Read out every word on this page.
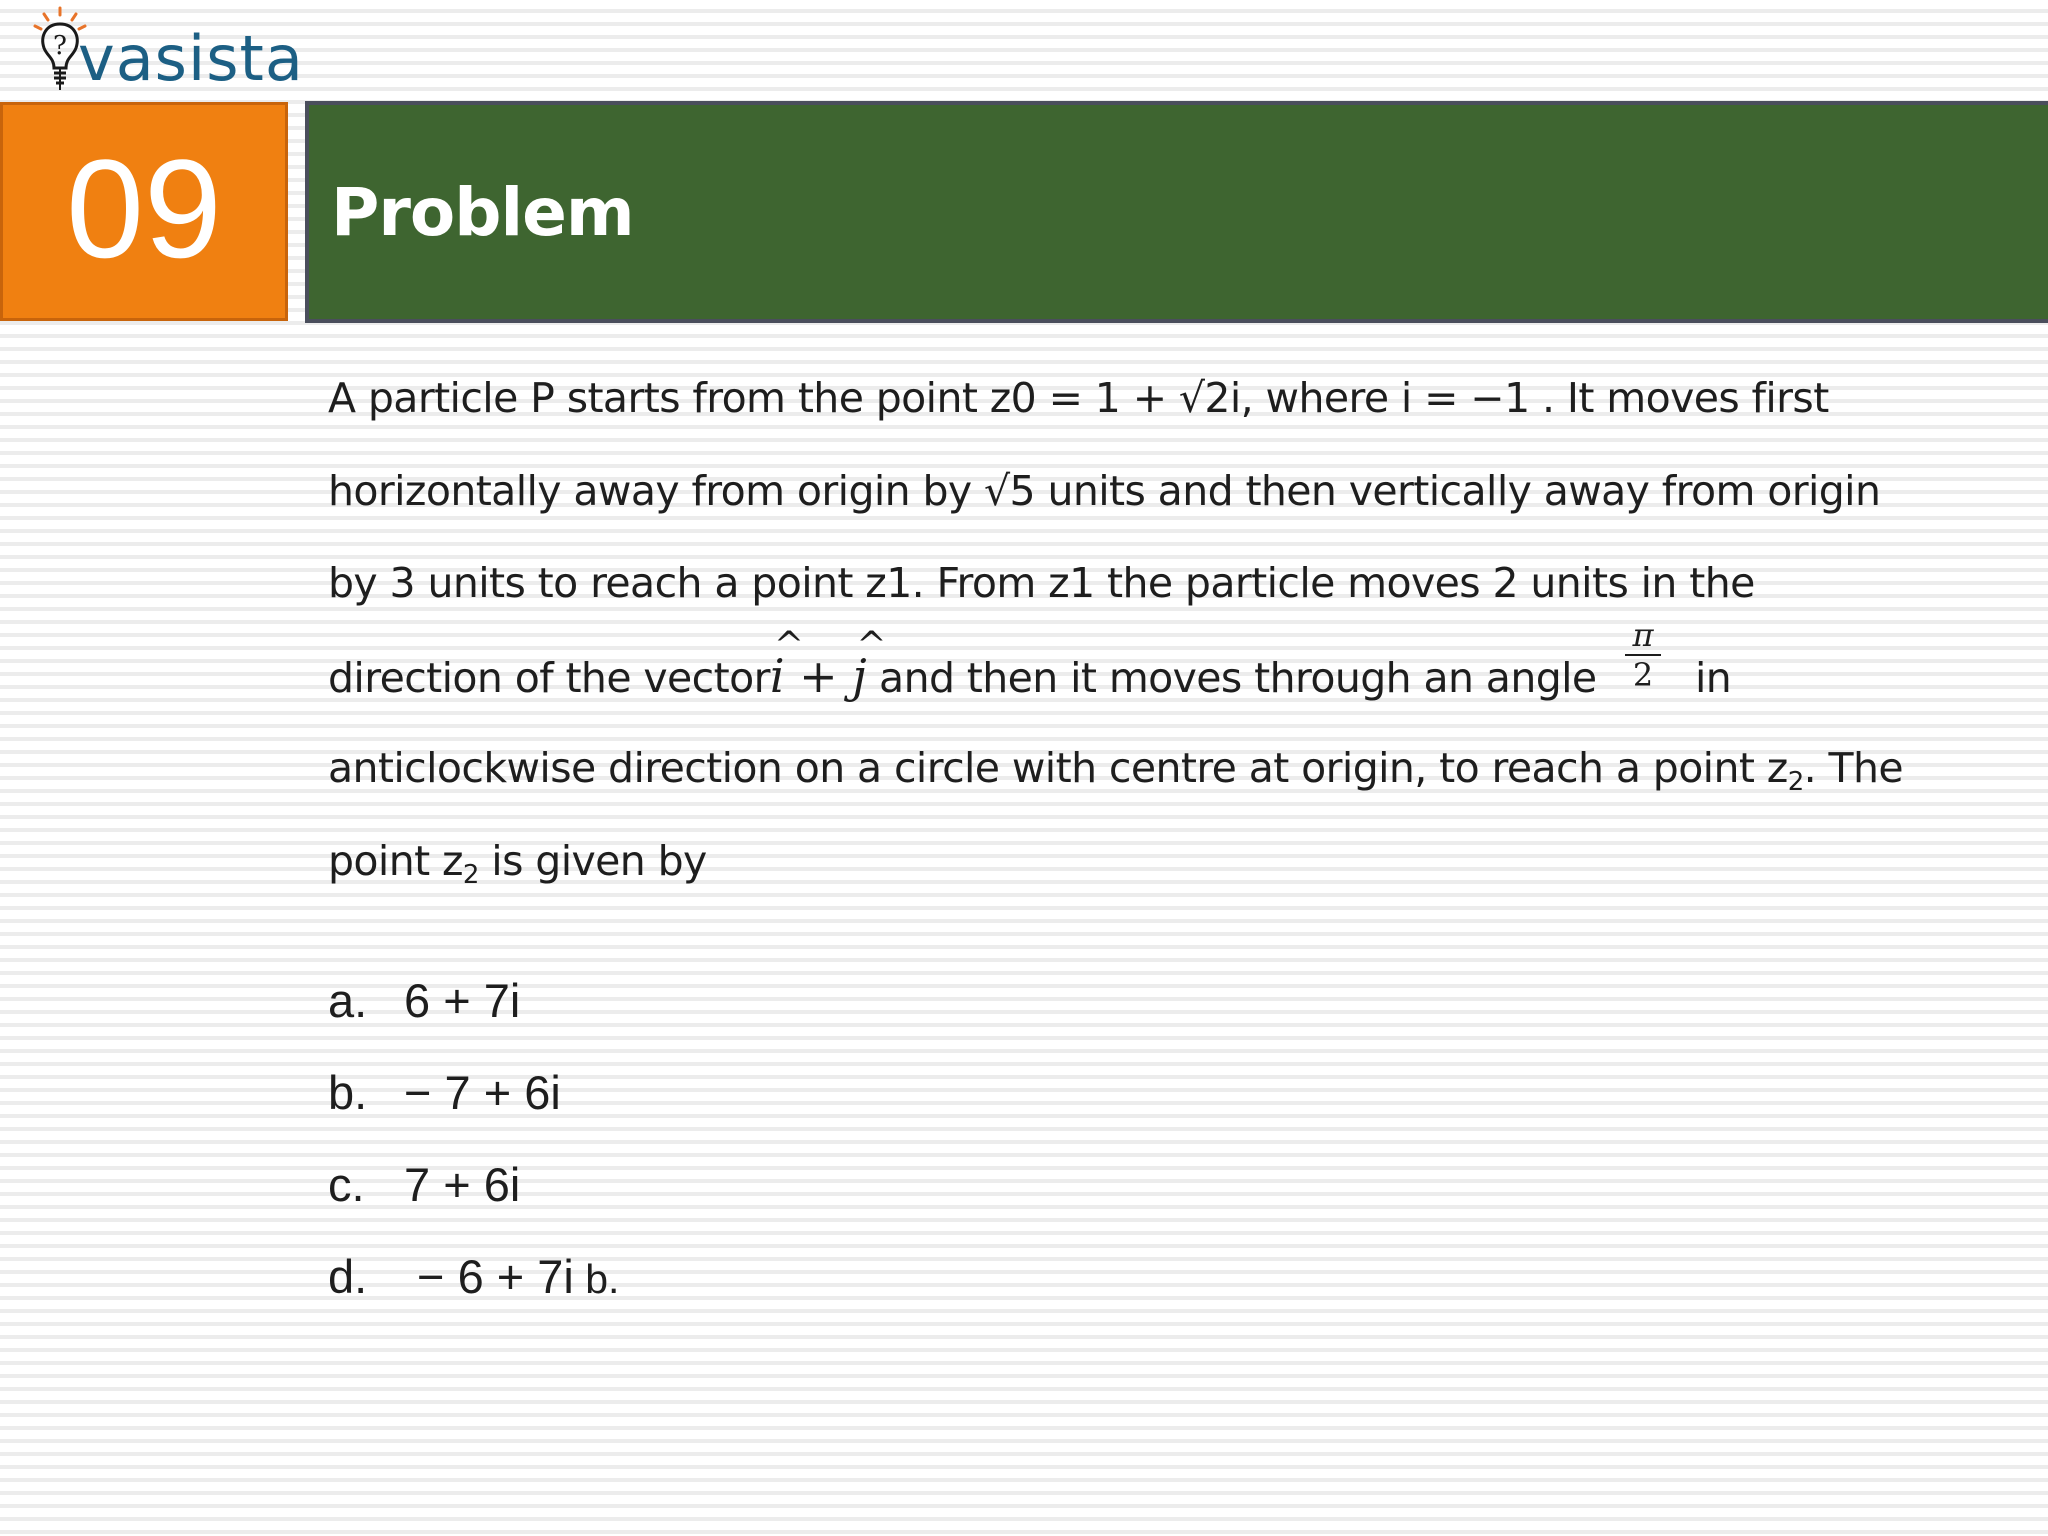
? vasista
09 Problem
A particle P starts from the point z0 = 1 + √2i, where i = −1 . It moves first
horizontally away from origin by √5 units and then vertically away from origin
by 3 units to reach a point z1. From z1 the particle moves 2 units in the
direction of the vector^ i + ^ j and then it moves through an angle $\frac{\pi}{2}$ in
anticlockwise direction on a circle with centre at origin, to reach a point $z_2$. The
point $z_2$ is given by
a. 6 + 7i
b. − 7 + 6i
c. 7 + 6i
d. − 6 + 7i b.
